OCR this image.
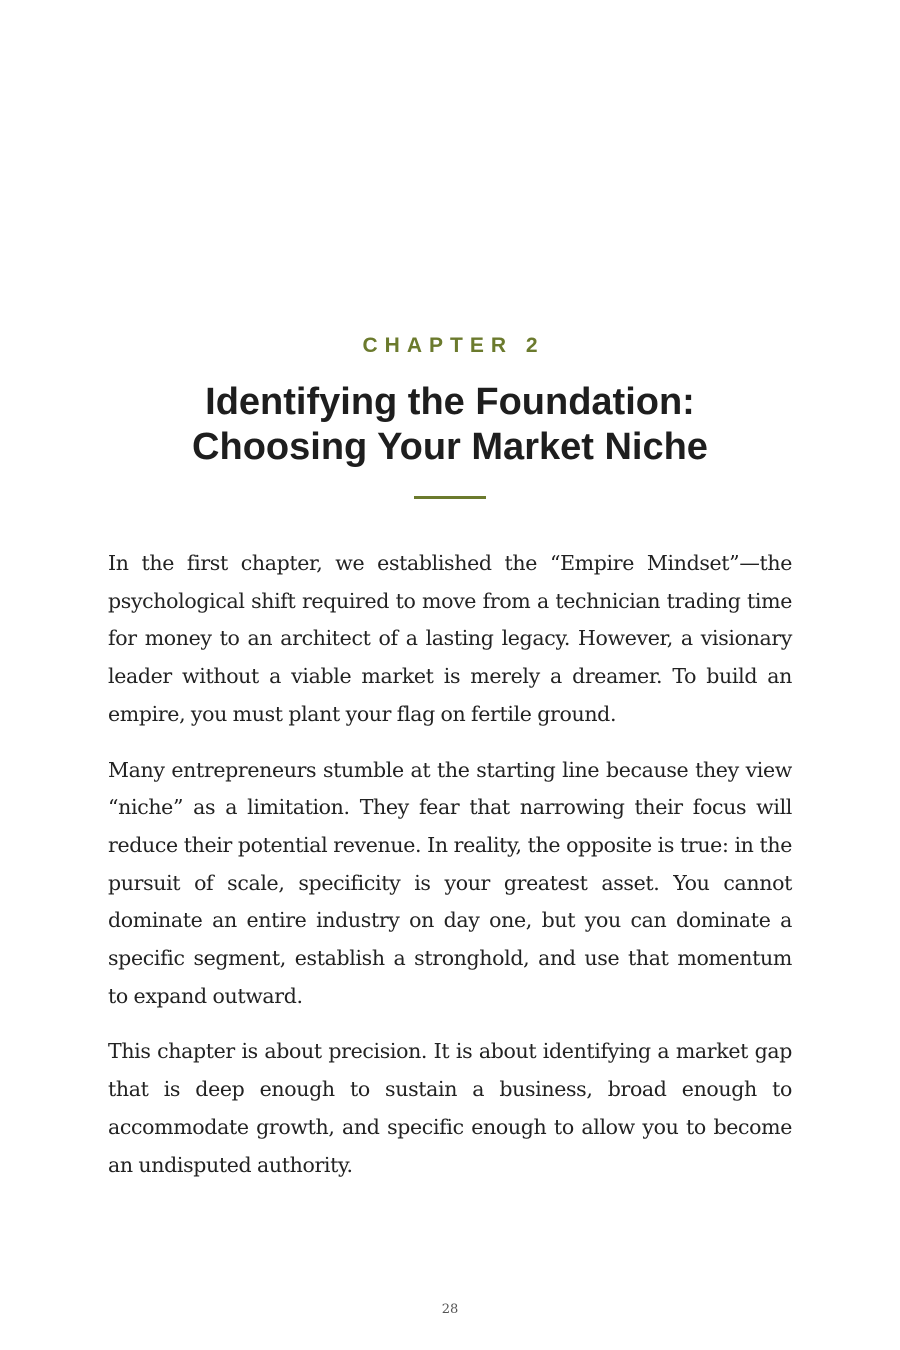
CHAPTER 2
Identifying the Foundation:
Choosing Your Market Niche

In the first chapter, we established the “Empire Mindset”—the psychological shift required to move from a technician trading time for money to an architect of a lasting legacy. However, a visionary leader without a viable market is merely a dreamer. To build an empire, you must plant your flag on fertile ground.

Many entrepreneurs stumble at the starting line because they view “niche” as a limitation. They fear that narrowing their focus will reduce their potential revenue. In reality, the opposite is true: in the pursuit of scale, specificity is your greatest asset. You cannot dominate an entire industry on day one, but you can dominate a specific segment, establish a stronghold, and use that momentum to expand outward.

This chapter is about precision. It is about identifying a market gap that is deep enough to sustain a business, broad enough to accommodate growth, and specific enough to allow you to become an undisputed authority.

28
